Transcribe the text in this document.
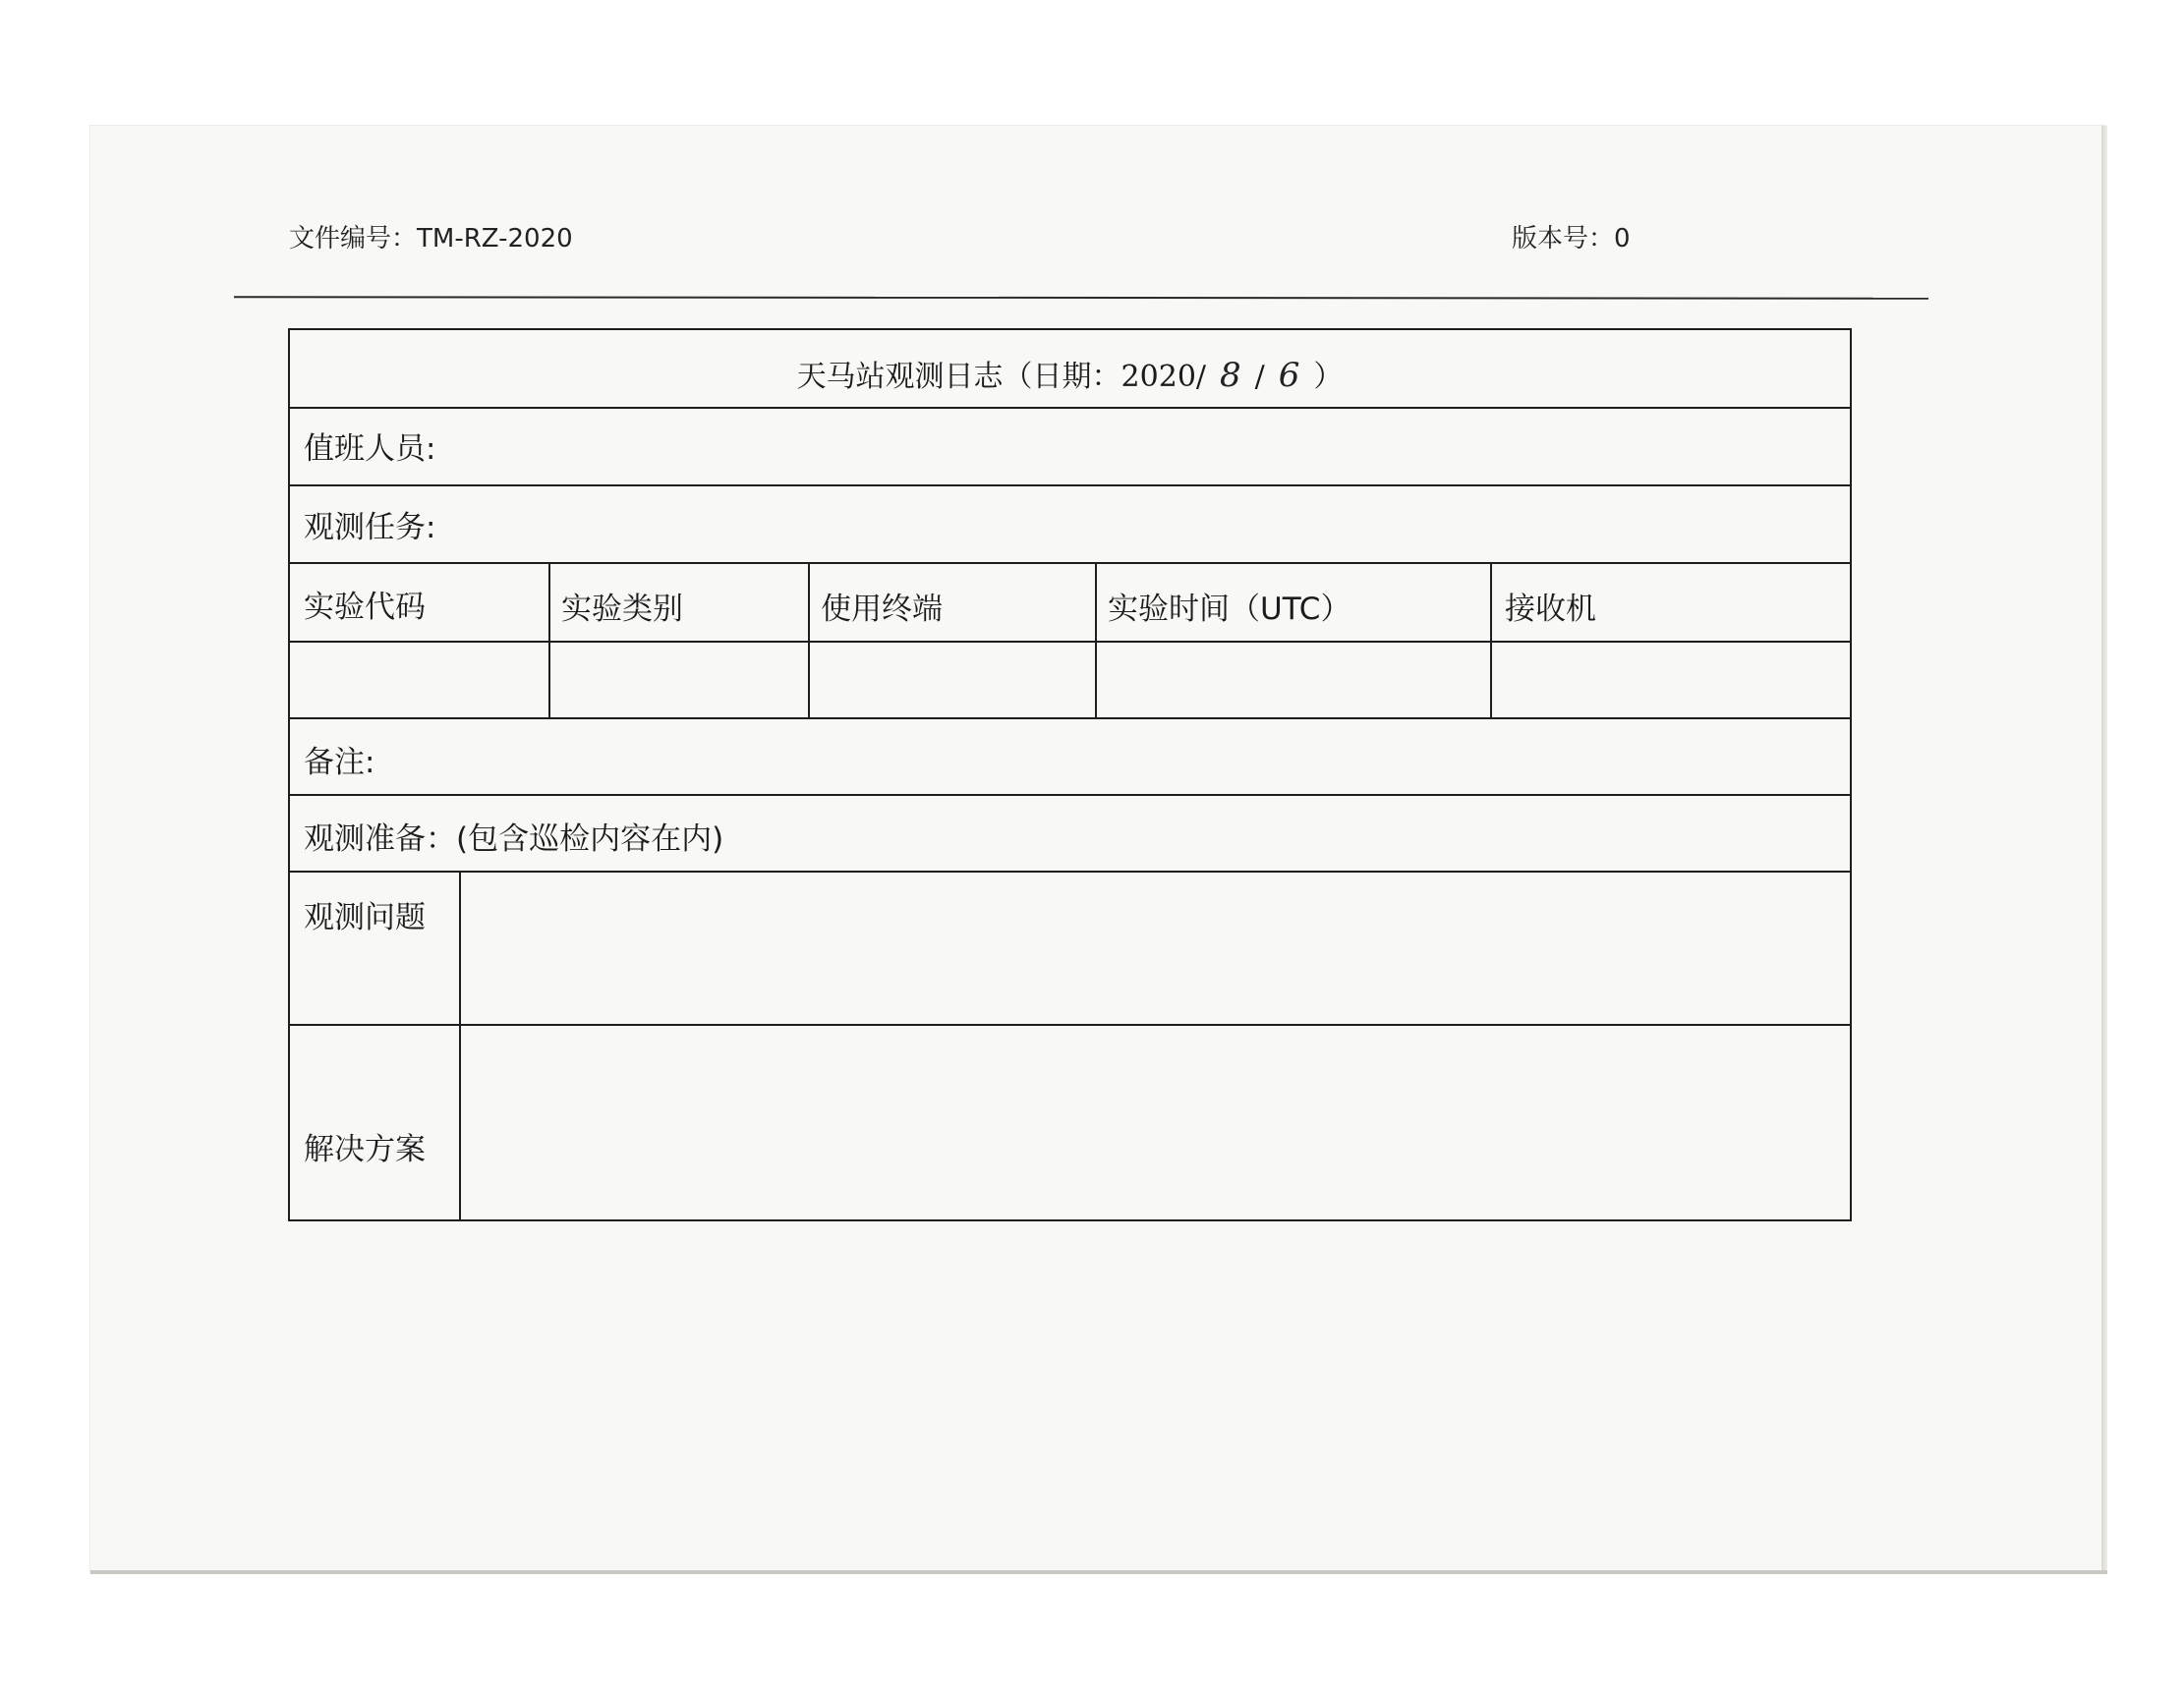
文件编号：TM-RZ-2020	版本号：0
天马站观测日志（日期：2020/ 8 / 6 ）
值班人员:
观测任务:
实验代码	实验类别	使用终端	实验时间（UTC）	接收机
备注:
观测准备：(包含巡检内容在内)
观测问题
解决方案
